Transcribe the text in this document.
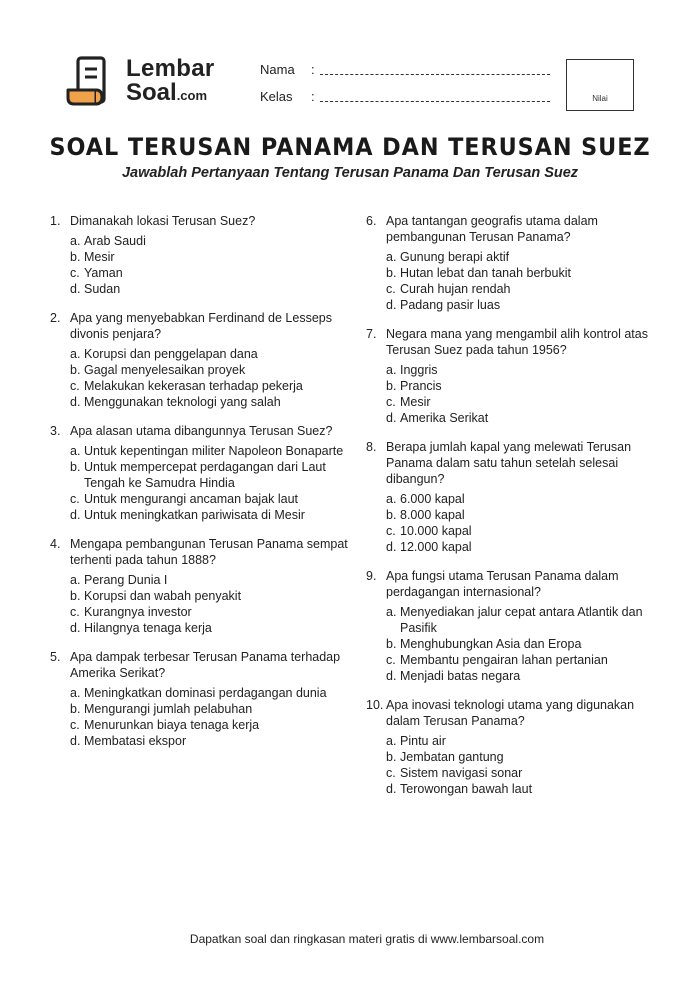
Lembar
Soal.com
Nama	:
Kelas	:	Nilai
SOAL TERUSAN PANAMA DAN TERUSAN SUEZ
Jawablah Pertanyaan Tentang Terusan Panama Dan Terusan Suez
1. Dimanakah lokasi Terusan Suez?
a. Arab Saudi
b. Mesir
c. Yaman
d. Sudan
2. Apa yang menyebabkan Ferdinand de Lesseps divonis penjara?
a. Korupsi dan penggelapan dana
b. Gagal menyelesaikan proyek
c. Melakukan kekerasan terhadap pekerja
d. Menggunakan teknologi yang salah
3. Apa alasan utama dibangunnya Terusan Suez?
a. Untuk kepentingan militer Napoleon Bonaparte
b. Untuk mempercepat perdagangan dari Laut Tengah ke Samudra Hindia
c. Untuk mengurangi ancaman bajak laut
d. Untuk meningkatkan pariwisata di Mesir
4. Mengapa pembangunan Terusan Panama sempat terhenti pada tahun 1888?
a. Perang Dunia I
b. Korupsi dan wabah penyakit
c. Kurangnya investor
d. Hilangnya tenaga kerja
5. Apa dampak terbesar Terusan Panama terhadap Amerika Serikat?
a. Meningkatkan dominasi perdagangan dunia
b. Mengurangi jumlah pelabuhan
c. Menurunkan biaya tenaga kerja
d. Membatasi ekspor
6. Apa tantangan geografis utama dalam pembangunan Terusan Panama?
a. Gunung berapi aktif
b. Hutan lebat dan tanah berbukit
c. Curah hujan rendah
d. Padang pasir luas
7. Negara mana yang mengambil alih kontrol atas Terusan Suez pada tahun 1956?
a. Inggris
b. Prancis
c. Mesir
d. Amerika Serikat
8. Berapa jumlah kapal yang melewati Terusan Panama dalam satu tahun setelah selesai dibangun?
a. 6.000 kapal
b. 8.000 kapal
c. 10.000 kapal
d. 12.000 kapal
9. Apa fungsi utama Terusan Panama dalam perdagangan internasional?
a. Menyediakan jalur cepat antara Atlantik dan Pasifik
b. Menghubungkan Asia dan Eropa
c. Membantu pengairan lahan pertanian
d. Menjadi batas negara
10. Apa inovasi teknologi utama yang digunakan dalam Terusan Panama?
a. Pintu air
b. Jembatan gantung
c. Sistem navigasi sonar
d. Terowongan bawah laut
Dapatkan soal dan ringkasan materi gratis di www.lembarsoal.com
